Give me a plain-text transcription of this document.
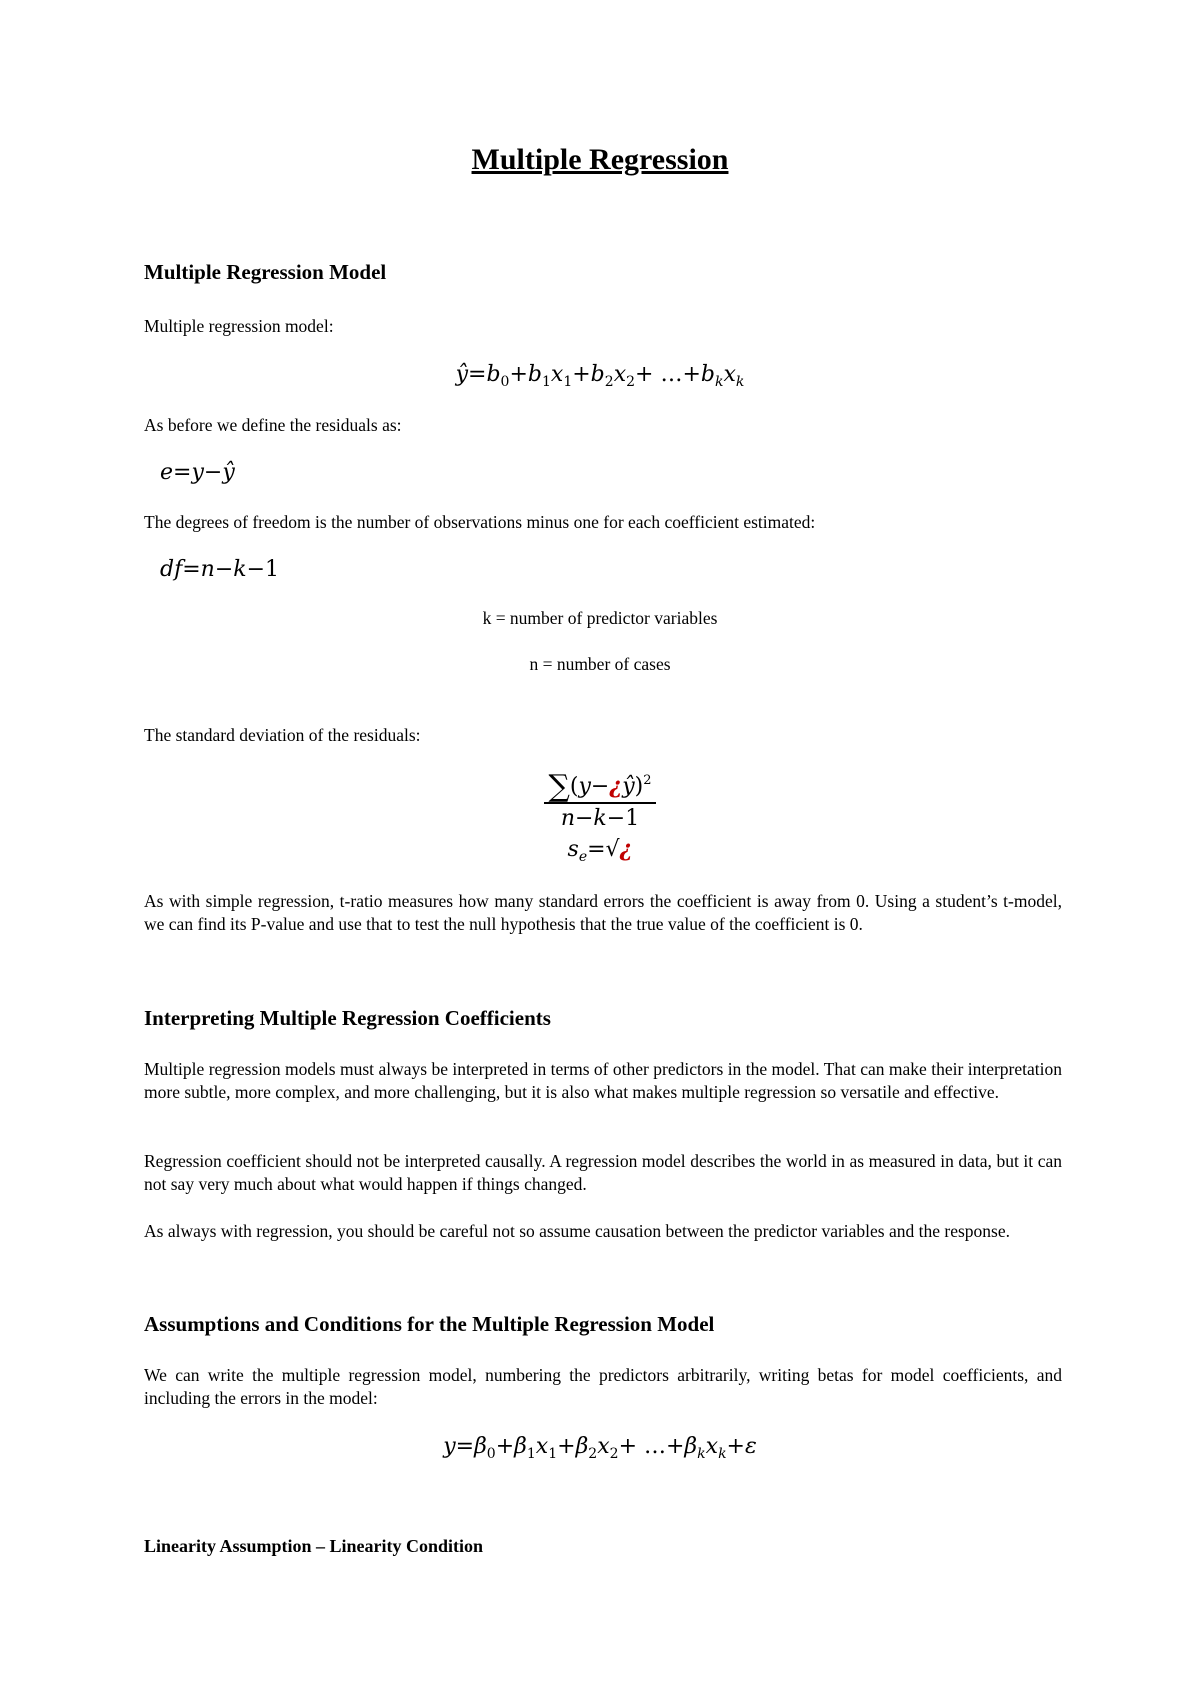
Multiple Regression
Multiple Regression Model

Multiple regression model:

$ŷ=b_0+b_1x_1+b_2x_2+$ $\dots+b_kx_k$

As before we define the residuals as:

e=y−ŷ

The degrees of freedom is the number of observations minus one for each coefficient estimated:

df=n−k−1

k = number of predictor variables

n = number of cases

The standard deviation of the residuals:

∑(y−¿ŷ)$^2$
n−k−1
$s_e=√¿$

As with simple regression, t-ratio measures how many standard errors the coefficient is away from 0. Using a student’s t-model, we can find its P-value and use that to test the null hypothesis that the true value of the coefficient is 0.

Interpreting Multiple Regression Coefficients

Multiple regression models must always be interpreted in terms of other predictors in the model. That can make their interpretation more subtle, more complex, and more challenging, but it is also what makes multiple regression so versatile and effective.

Regression coefficient should not be interpreted causally. A regression model describes the world in as measured in data, but it can not say very much about what would happen if things changed.

As always with regression, you should be careful not so assume causation between the predictor variables and the response.

Assumptions and Conditions for the Multiple Regression Model

We can write the multiple regression model, numbering the predictors arbitrarily, writing betas for model coefficients, and including the errors in the model:

$y=\beta_0+\beta_1x_1+\beta_2x_2+$ $\dots+\beta_kx_k+\varepsilon$
Linearity Assumption – Linearity Condition
